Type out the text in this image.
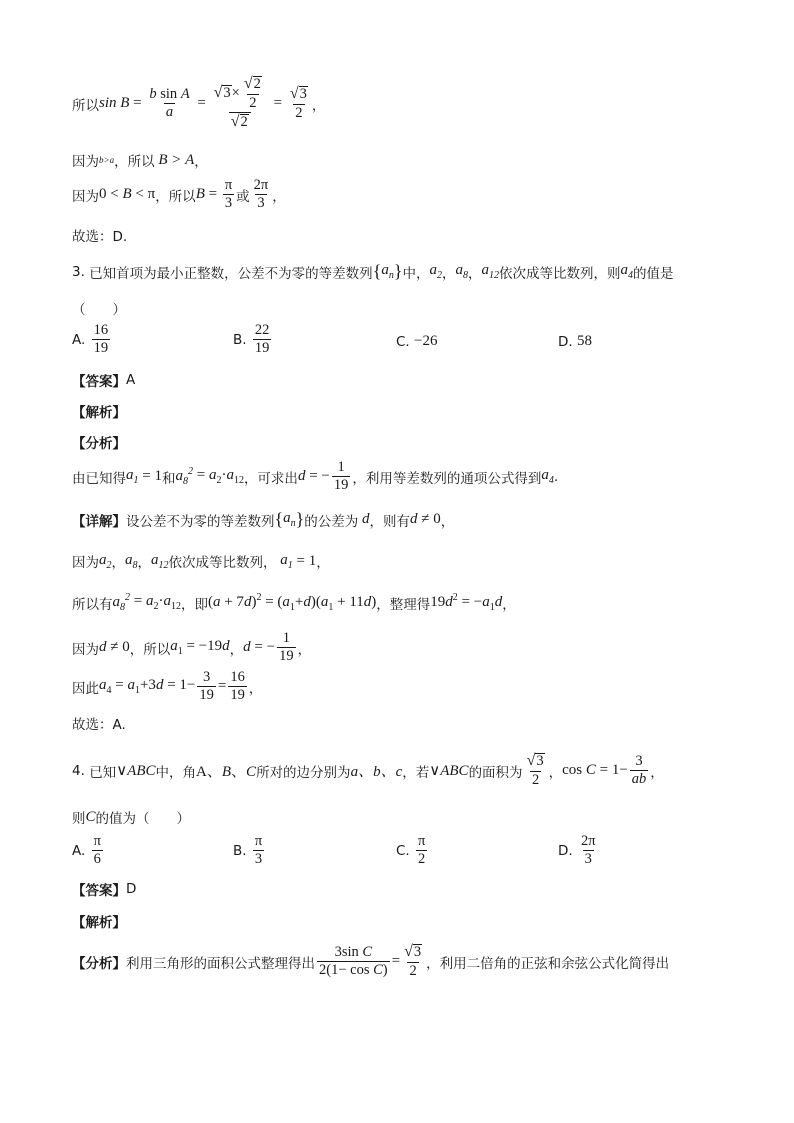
所以 $\sin B = \frac{\text{b sin A}}{a} = \frac{√ 3 \times \frac{√ 2}{2}}{√ 2} = \frac{√ 3}{2}$ ，
因为 b>a ，所以 B > A ，
因为 0 < B < π ，所以 $B = \frac{\pi}{3}$ 或 $\frac{2\pi}{3}$ ，
故选：D.
3.
已知首项为最小正整数，公差不为零的等差数列 { $a_n$ } 中， $a_2$ ， $a_8$ ， $a_{12}$ 依次成等比数列，则 $a_4$ 的值是
（　　）
A.
$\frac{16}{19}$	B.
$\frac{22}{19}$	C.
−26	D.
58
【答案】 A
【解析】
【分析】
由已知得 $a_1 = 1$ 和 $a_8^2 = a_2\cdot a_{12}$ ，可求出 d = − $\frac{1}{19}$ ，利用等差数列的通项公式得到 $a_4$ .
【详解】 设公差不为零的等差数列 { $a_n$ } 的公差为 d ，则有 d ≠ 0 ，
因为 $a_2$ ， $a_8$ ， $a_{12}$ 依次成等比数列， $a_1 = 1$ ，
所以有 $a_8^2 = a_2\cdot a_{12}$ ，即 $(a + 7d)^2 = (a_1+d)(a_1 + 11d)$ ，整理得 $19d^2 = -a_1d$ ，
因为 d ≠ 0 ，所以 $a_1 = -19d$ ， d = − $\frac{1}{19}$ ，
因此 $a_4 = a_1+3d = 1- \frac{3}{19} = \frac{16}{19}$ ，
故选：A.
4.
已知 ∨ABC 中，角 A、B、C 所对的边分别为 a、b、c ，若 ∨ABC 的面积为 $\frac{√ 3}{2}$ ， $\cos C = 1- \frac{3}{ab}$ ，
则 C 的值为（　　）
A.
$\frac{\pi}{6}$	B.
$\frac{\pi}{3}$	C.
$\frac{\pi}{2}$	D.
$\frac{2\pi}{3}$
【答案】 D
【解析】
【分析】 利用三角形的面积公式整理得出 $\frac{\text{3sin C}}{\text{2(1− cos C)}} = \frac{√ 3}{2}$ ，利用二倍角的正弦和余弦公式化简得出
